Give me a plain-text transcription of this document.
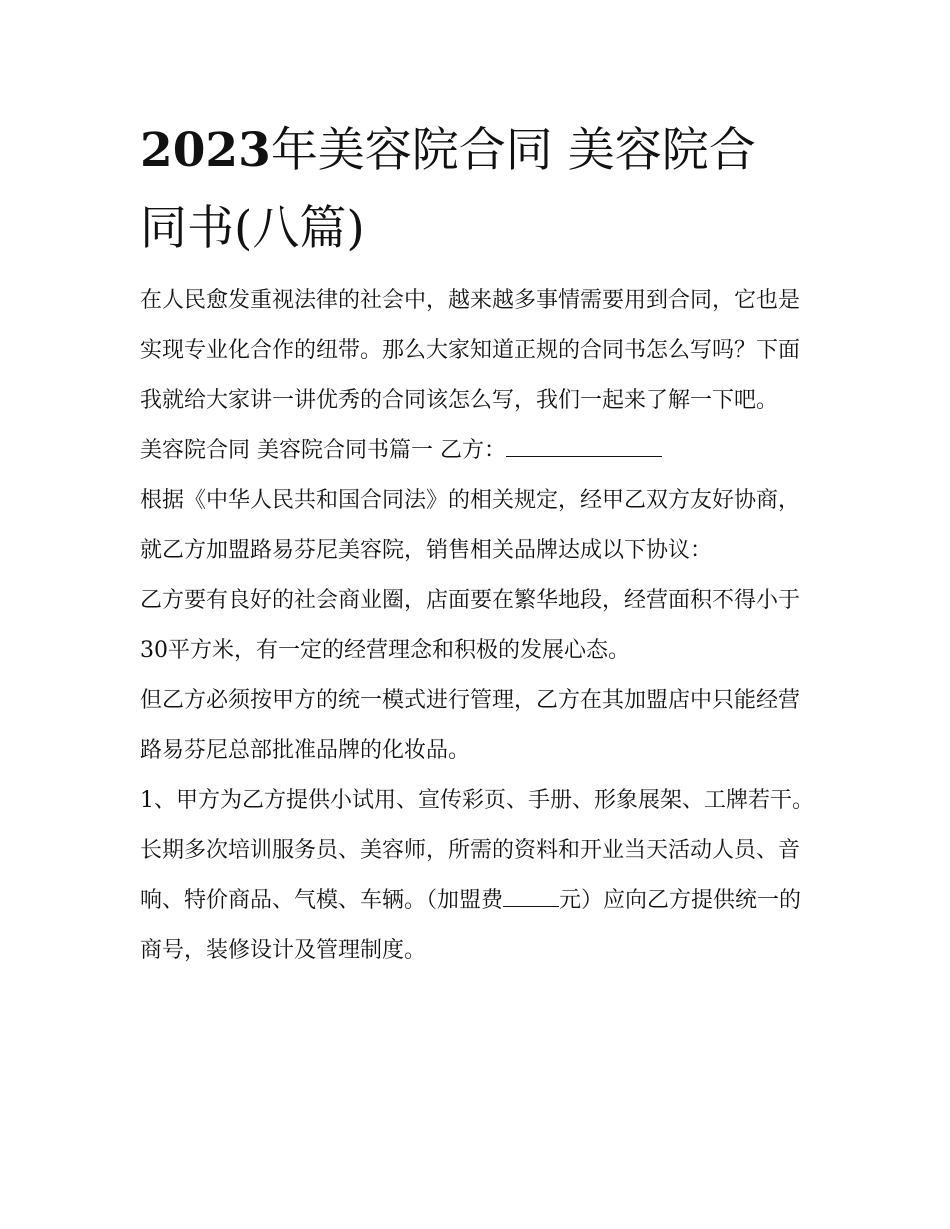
2023年美容院合同 美容院合
同书(八篇)

在人民愈发重视法律的社会中，越来越多事情需要用到合同，它也是实现专业化合作的纽带。那么大家知道正规的合同书怎么写吗？下面我就给大家讲一讲优秀的合同该怎么写，我们一起来了解一下吧。

美容院合同 美容院合同书篇一 乙方：

根据《中华人民共和国合同法》的相关规定，经甲乙双方友好协商，就乙方加盟路易芬尼美容院，销售相关品牌达成以下协议：

乙方要有良好的社会商业圈，店面要在繁华地段，经营面积不得小于30平方米，有一定的经营理念和积极的发展心态。

但乙方必须按甲方的统一模式进行管理，乙方在其加盟店中只能经营路易芬尼总部批准品牌的化妆品。

1、甲方为乙方提供小试用、宣传彩页、手册、形象展架、工牌若干。长期多次培训服务员、美容师，所需的资料和开业当天活动人员、音响、特价商品、气模、车辆。（加盟费	元）应向乙方提供统一的商号，装修设计及管理制度。
